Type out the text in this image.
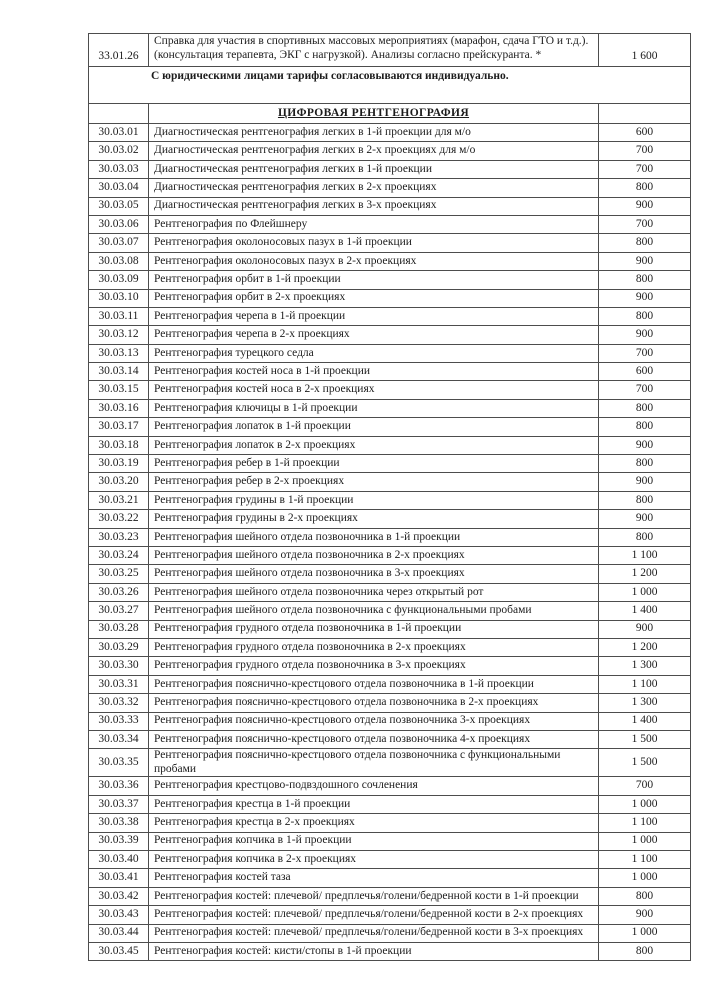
33.01.26	Справка для участия в спортивных массовых мероприятиях (марафон, сдача ГТО и т.д.). (консультация терапевта, ЭКГ с нагрузкой). Анализы согласно прейскуранта. *	1 600
С юридическими лицами тарифы согласовываются индивидуально.		
	ЦИФРОВАЯ РЕНТГЕНОГРАФИЯ	
30.03.01	Диагностическая рентгенография легких в 1-й проекции для м/о	600
30.03.02	Диагностическая рентгенография легких в 2-х проекциях для м/о	700
30.03.03	Диагностическая рентгенография легких в 1-й проекции	700
30.03.04	Диагностическая рентгенография легких в 2-х проекциях	800
30.03.05	Диагностическая рентгенография легких в 3-х проекциях	900
30.03.06	Рентгенография по Флейшнеру	700
30.03.07	Рентгенография околоносовых пазух в 1-й проекции	800
30.03.08	Рентгенография околоносовых пазух в 2-х проекциях	900
30.03.09	Рентгенография орбит в 1-й проекции	800
30.03.10	Рентгенография орбит в 2-х проекциях	900
30.03.11	Рентгенография черепа в 1-й проекции	800
30.03.12	Рентгенография черепа в 2-х проекциях	900
30.03.13	Рентгенография турецкого седла	700
30.03.14	Рентгенография костей носа в 1-й проекции	600
30.03.15	Рентгенография костей носа в 2-х проекциях	700
30.03.16	Рентгенография ключицы в 1-й проекции	800
30.03.17	Рентгенография лопаток в 1-й проекции	800
30.03.18	Рентгенография лопаток в 2-х проекциях	900
30.03.19	Рентгенография ребер в 1-й проекции	800
30.03.20	Рентгенография ребер в 2-х проекциях	900
30.03.21	Рентгенография грудины в 1-й проекции	800
30.03.22	Рентгенография грудины в 2-х проекциях	900
30.03.23	Рентгенография шейного отдела позвоночника в 1-й проекции	800
30.03.24	Рентгенография шейного отдела позвоночника в 2-х проекциях	1 100
30.03.25	Рентгенография шейного отдела позвоночника в 3-х проекциях	1 200
30.03.26	Рентгенография шейного отдела позвоночника через открытый рот	1 000
30.03.27	Рентгенография шейного отдела позвоночника с функциональными пробами	1 400
30.03.28	Рентгенография грудного отдела позвоночника в 1-й проекции	900
30.03.29	Рентгенография грудного отдела позвоночника в 2-х проекциях	1 200
30.03.30	Рентгенография грудного отдела позвоночника в 3-х проекциях	1 300
30.03.31	Рентгенография пояснично-крестцового отдела позвоночника в 1-й проекции	1 100
30.03.32	Рентгенография пояснично-крестцового отдела позвоночника в 2-х проекциях	1 300
30.03.33	Рентгенография пояснично-крестцового отдела позвоночника 3-х проекциях	1 400
30.03.34	Рентгенография пояснично-крестцового отдела позвоночника 4-х проекциях	1 500
30.03.35	Рентгенография пояснично-крестцового отдела позвоночника с функциональными пробами	1 500
30.03.36	Рентгенография крестцово-подвздошного сочленения	700
30.03.37	Рентгенография крестца в 1-й проекции	1 000
30.03.38	Рентгенография крестца в 2-х проекциях	1 100
30.03.39	Рентгенография копчика в 1-й проекции	1 000
30.03.40	Рентгенография копчика в 2-х проекциях	1 100
30.03.41	Рентгенография костей таза	1 000
30.03.42	Рентгенография костей: плечевой/ предплечья/голени/бедренной кости в 1-й проекции	800
30.03.43	Рентгенография костей: плечевой/ предплечья/голени/бедренной кости в 2-х проекциях	900
30.03.44	Рентгенография костей: плечевой/ предплечья/голени/бедренной кости в 3-х проекциях	1 000
30.03.45	Рентгенография костей: кисти/стопы в 1-й проекции	800
